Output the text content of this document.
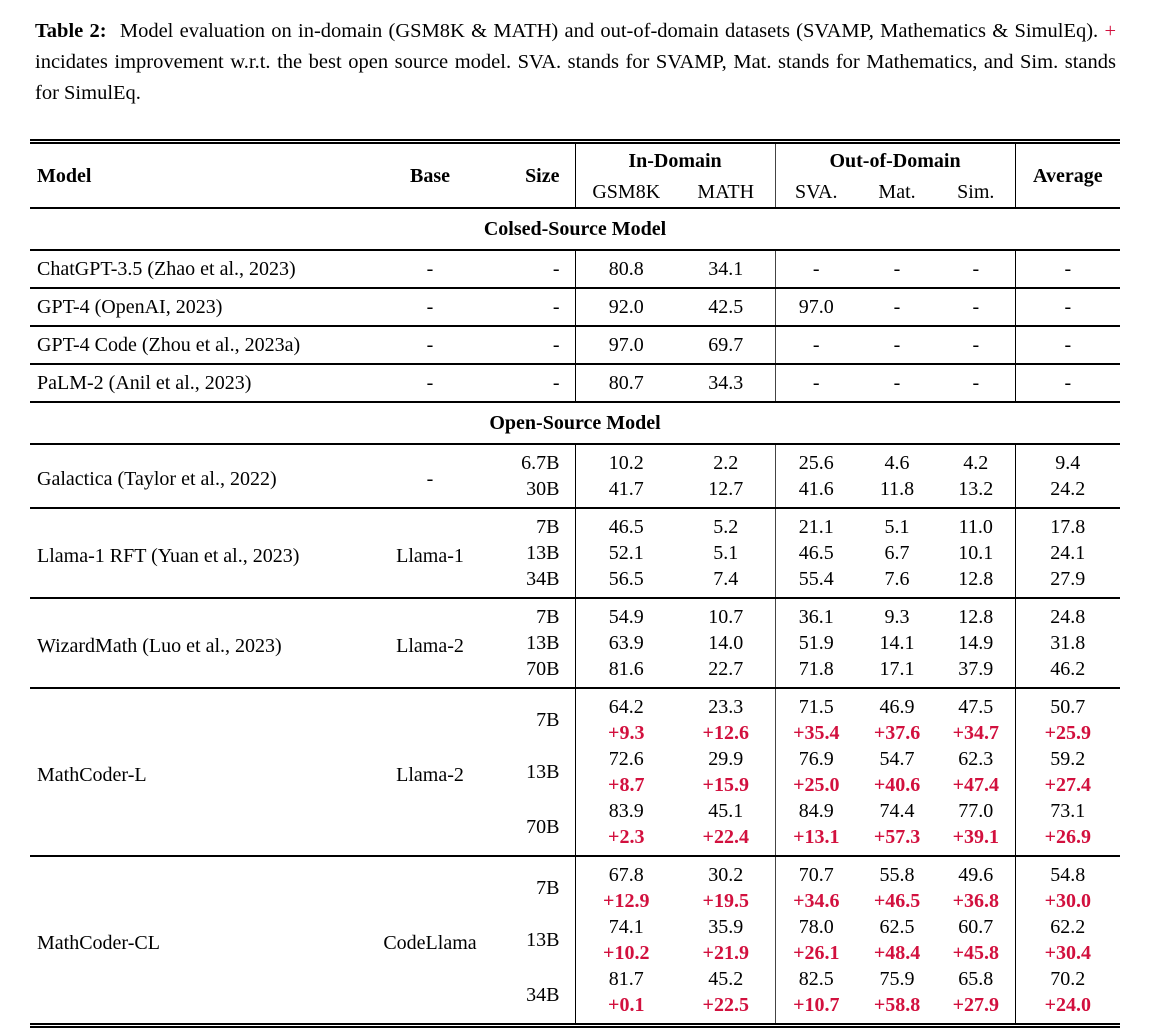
Table 2: Model evaluation on in-domain (GSM8K & MATH) and out-of-domain datasets (SVAMP, Mathematics & SimulEq). + incidates improvement w.r.t. the best open source model. SVA. stands for SVAMP, Mat. stands for Mathematics, and Sim. stands for SimulEq.

Model	Base	Size	In-Domain		Out-of-Domain			Average
			GSM8K	MATH	SVA.	Mat.	Sim.	
Colsed-Source Model								
ChatGPT-3.5 (Zhao et al., 2023)	-	-	80.8	34.1	-	-	-	-
GPT-4 (OpenAI, 2023)	-	-	92.0	42.5	97.0	-	-	-
GPT-4 Code (Zhou et al., 2023a)	-	-	97.0	69.7	-	-	-	-
PaLM-2 (Anil et al., 2023)	-	-	80.7	34.3	-	-	-	-
Open-Source Model								
Galactica (Taylor et al., 2022)	-	6.7B	10.2	2.2	25.6	4.6	4.2	9.4
		30B	41.7	12.7	41.6	11.8	13.2	24.2
Llama-1 RFT (Yuan et al., 2023)	Llama-1	7B	46.5	5.2	21.1	5.1	11.0	17.8
		13B	52.1	5.1	46.5	6.7	10.1	24.1
		34B	56.5	7.4	55.4	7.6	12.8	27.9
WizardMath (Luo et al., 2023)	Llama-2	7B	54.9	10.7	36.1	9.3	12.8	24.8
		13B	63.9	14.0	51.9	14.1	14.9	31.8
		70B	81.6	22.7	71.8	17.1	37.9	46.2
MathCoder-L	Llama-2	7B	64.2	23.3	71.5	46.9	47.5	50.7
			+9.3	+12.6	+35.4	+37.6	+34.7	+25.9
		13B	72.6	29.9	76.9	54.7	62.3	59.2
			+8.7	+15.9	+25.0	+40.6	+47.4	+27.4
		70B	83.9	45.1	84.9	74.4	77.0	73.1
			+2.3	+22.4	+13.1	+57.3	+39.1	+26.9
MathCoder-CL	CodeLlama	7B	67.8	30.2	70.7	55.8	49.6	54.8
			+12.9	+19.5	+34.6	+46.5	+36.8	+30.0
		13B	74.1	35.9	78.0	62.5	60.7	62.2
			+10.2	+21.9	+26.1	+48.4	+45.8	+30.4
		34B	81.7	45.2	82.5	75.9	65.8	70.2
			+0.1	+22.5	+10.7	+58.8	+27.9	+24.0
